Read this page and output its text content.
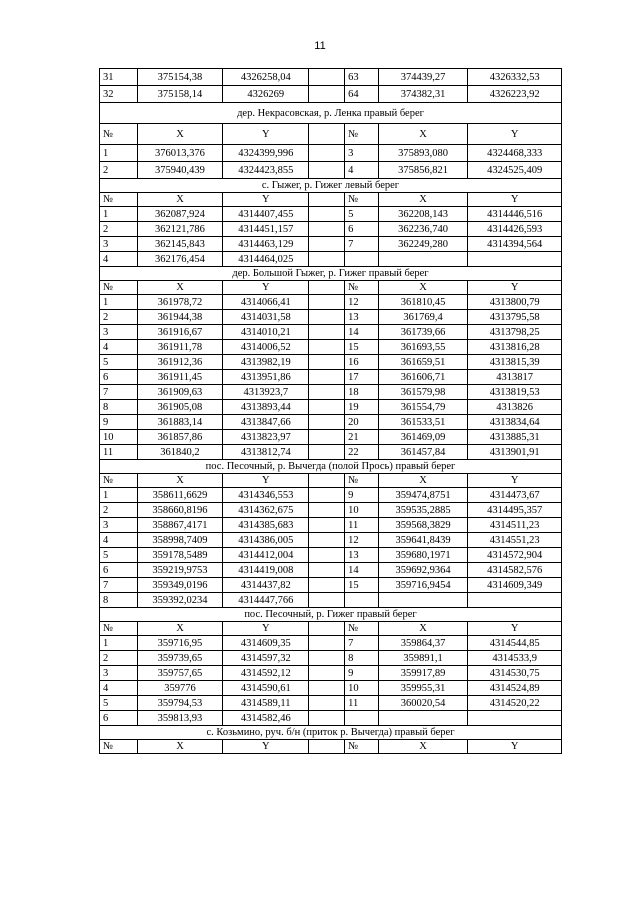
11
31	375154,38	4326258,04		63	374439,27	4326332,53
32	375158,14	4326269		64	374382,31	4326223,92
дер. Некрасовская, р. Ленка правый берег						
№	X	Y		№	X	Y
1	376013,376	4324399,996		3	375893,080	4324468,333
2	375940,439	4324423,855		4	375856,821	4324525,409
с. Гыжег, р. Гижег левый берег						
№	X	Y		№	X	Y
1	362087,924	4314407,455		5	362208,143	4314446,516
2	362121,786	4314451,157		6	362236,740	4314426,593
3	362145,843	4314463,129		7	362249,280	4314394,564
4	362176,454	4314464,025				
дер. Большой Гыжег, р. Гижег правый берег						
№	X	Y		№	X	Y
1	361978,72	4314066,41		12	361810,45	4313800,79
2	361944,38	4314031,58		13	361769,4	4313795,58
3	361916,67	4314010,21		14	361739,66	4313798,25
4	361911,78	4314006,52		15	361693,55	4313816,28
5	361912,36	4313982,19		16	361659,51	4313815,39
6	361911,45	4313951,86		17	361606,71	4313817
7	361909,63	4313923,7		18	361579,98	4313819,53
8	361905,08	4313893,44		19	361554,79	4313826
9	361883,14	4313847,66		20	361533,51	4313834,64
10	361857,86	4313823,97		21	361469,09	4313885,31
11	361840,2	4313812,74		22	361457,84	4313901,91
пос. Песочный, р. Вычегда (полой Прось) правый берег						
№	X	Y		№	X	Y
1	358611,6629	4314346,553		9	359474,8751	4314473,67
2	358660,8196	4314362,675		10	359535,2885	4314495,357
3	358867,4171	4314385,683		11	359568,3829	4314511,23
4	358998,7409	4314386,005		12	359641,8439	4314551,23
5	359178,5489	4314412,004		13	359680,1971	4314572,904
6	359219,9753	4314419,008		14	359692,9364	4314582,576
7	359349,0196	4314437,82		15	359716,9454	4314609,349
8	359392,0234	4314447,766				
пос. Песочный, р. Гижег правый берег						
№	X	Y		№	X	Y
1	359716,95	4314609,35		7	359864,37	4314544,85
2	359739,65	4314597,32		8	359891,1	4314533,9
3	359757,65	4314592,12		9	359917,89	4314530,75
4	359776	4314590,61		10	359955,31	4314524,89
5	359794,53	4314589,11		11	360020,54	4314520,22
6	359813,93	4314582,46				
с. Козьмино, руч. б/н (приток р. Вычегда) правый берег						
№	X	Y		№	X	Y
